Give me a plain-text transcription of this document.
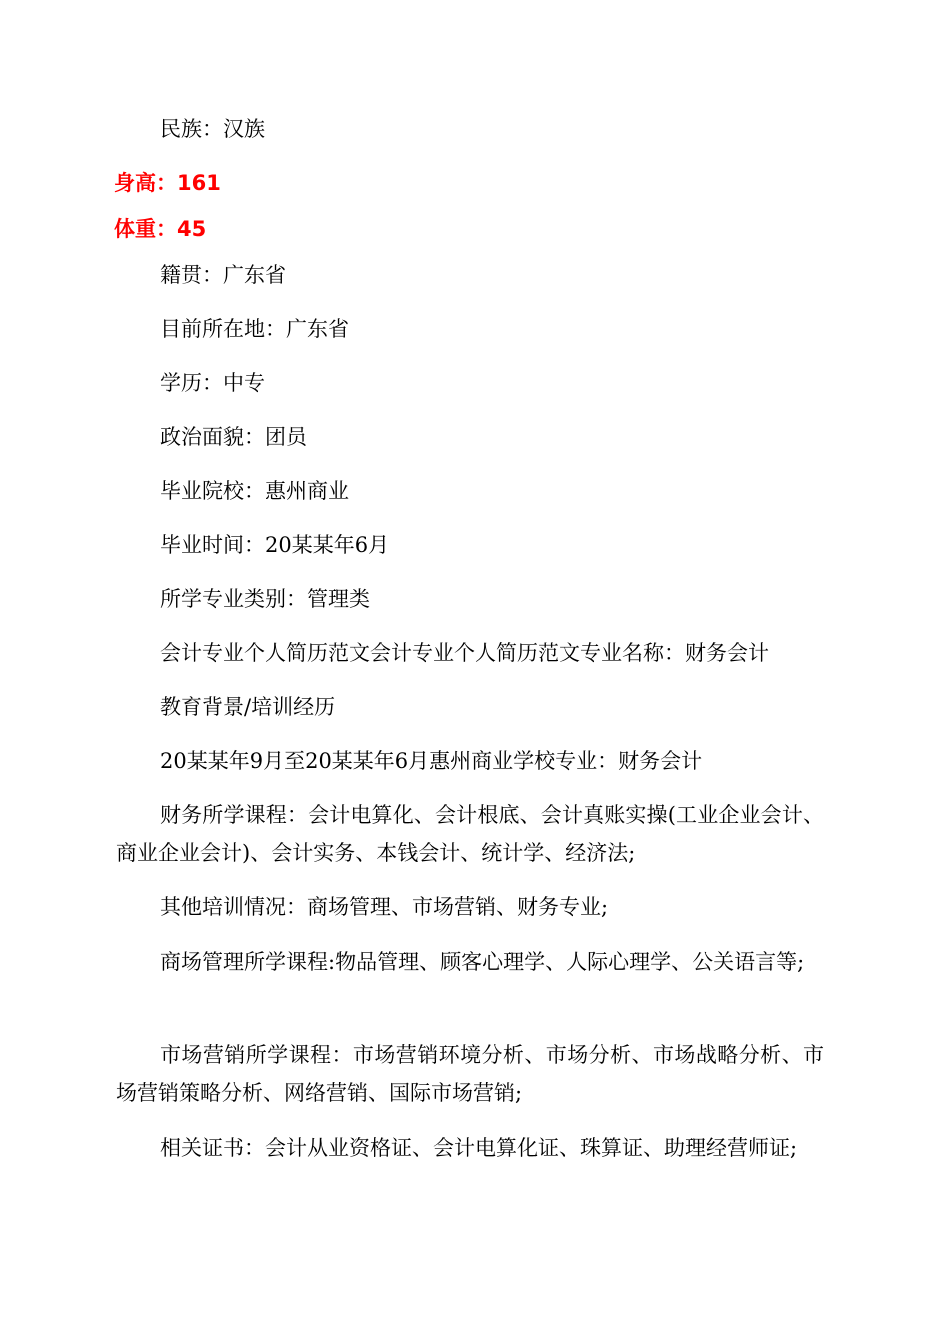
民族：汉族
身高：161
体重：45
籍贯：广东省
目前所在地：广东省
学历：中专
政治面貌：团员
毕业院校：惠州商业
毕业时间：20某某年6月
所学专业类别：管理类
会计专业个人简历范文会计专业个人简历范文专业名称：财务会计
教育背景/培训经历
20某某年9月至20某某年6月惠州商业学校专业：财务会计
财务所学课程：会计电算化、会计根底、会计真账实操(工业企业会计、商业企业会计)、会计实务、本钱会计、统计学、经济法;
其他培训情况：商场管理、市场营销、财务专业;
商场管理所学课程:物品管理、顾客心理学、人际心理学、公关语言等;
市场营销所学课程：市场营销环境分析、市场分析、市场战略分析、市场营销策略分析、网络营销、国际市场营销;
相关证书：会计从业资格证、会计电算化证、珠算证、助理经营师证;
